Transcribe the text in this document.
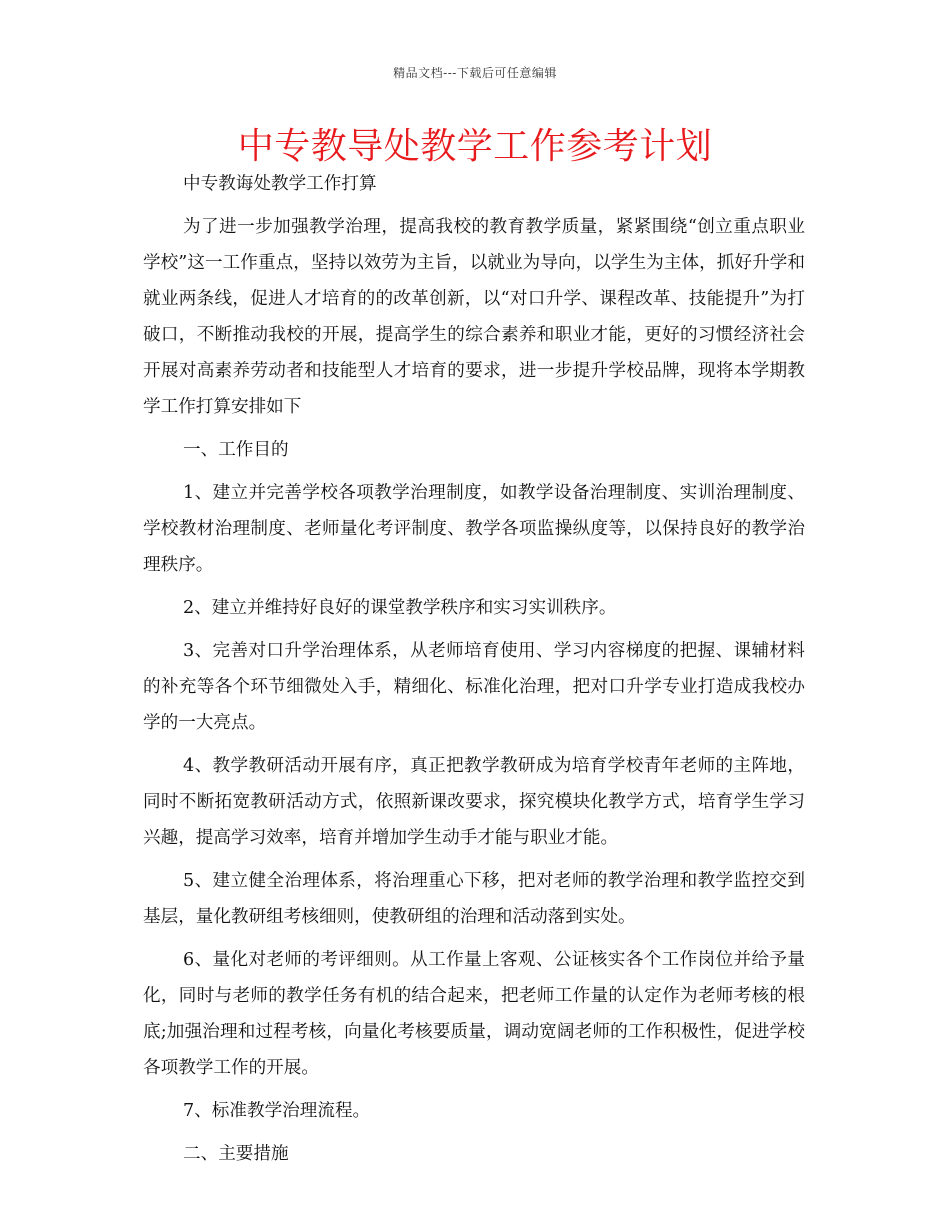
精品文档---下载后可任意编辑
中专教导处教学工作参考计划

中专教诲处教学工作打算

为了进一步加强教学治理，提高我校的教育教学质量，紧紧围绕“创立重点职业学校”这一工作重点，坚持以效劳为主旨，以就业为导向，以学生为主体，抓好升学和就业两条线，促进人才培育的的改革创新，以“对口升学、课程改革、技能提升”为打破口，不断推动我校的开展，提高学生的综合素养和职业才能，更好的习惯经济社会开展对高素养劳动者和技能型人才培育的要求，进一步提升学校品牌，现将本学期教学工作打算安排如下

一、工作目的

1、建立并完善学校各项教学治理制度，如教学设备治理制度、实训治理制度、学校教材治理制度、老师量化考评制度、教学各项监操纵度等，以保持良好的教学治理秩序。

2、建立并维持好良好的课堂教学秩序和实习实训秩序。

3、完善对口升学治理体系，从老师培育使用、学习内容梯度的把握、课辅材料的补充等各个环节细微处入手，精细化、标准化治理，把对口升学专业打造成我校办学的一大亮点。

4、教学教研活动开展有序，真正把教学教研成为培育学校青年老师的主阵地，同时不断拓宽教研活动方式，依照新课改要求，探究模块化教学方式，培育学生学习兴趣，提高学习效率，培育并增加学生动手才能与职业才能。

5、建立健全治理体系，将治理重心下移，把对老师的教学治理和教学监控交到基层，量化教研组考核细则，使教研组的治理和活动落到实处。

6、量化对老师的考评细则。从工作量上客观、公证核实各个工作岗位并给予量化，同时与老师的教学任务有机的结合起来，把老师工作量的认定作为老师考核的根底;加强治理和过程考核，向量化考核要质量，调动宽阔老师的工作积极性，促进学校各项教学工作的开展。

7、标准教学治理流程。

二、主要措施
